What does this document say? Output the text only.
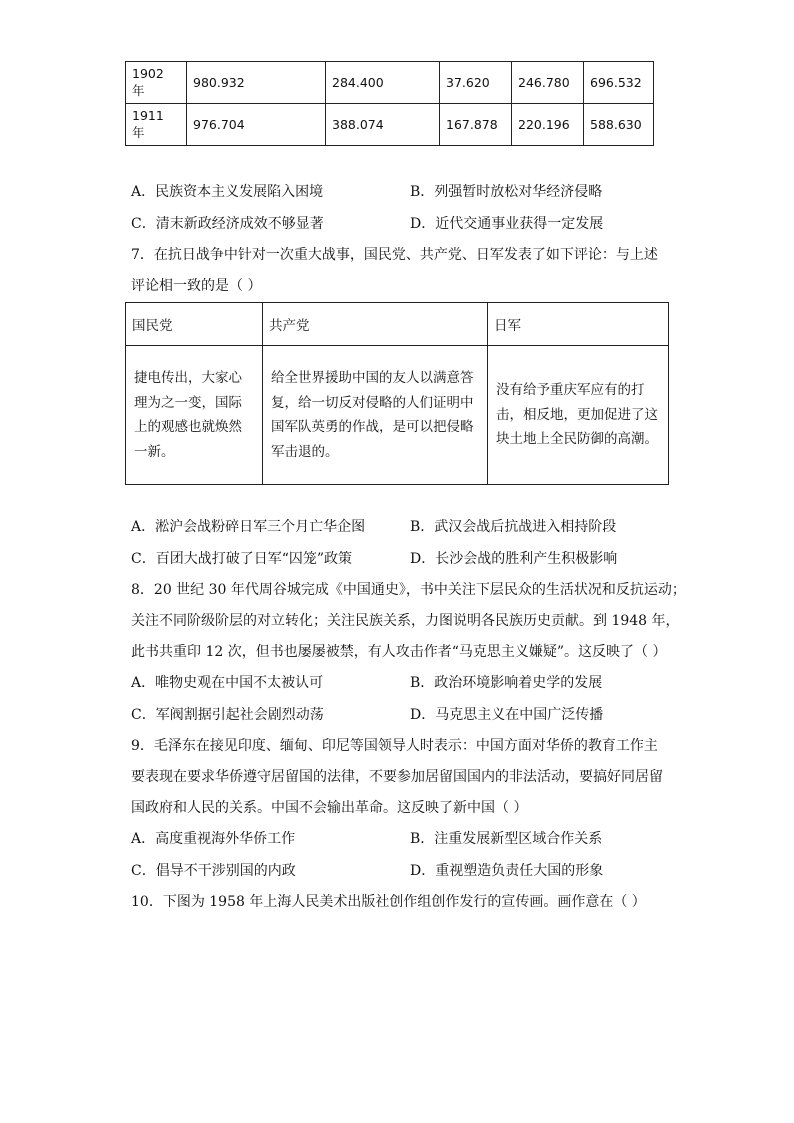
1902 年	980.932	284.400	37.620	246.780	696.532
1911 年	976.704	388.074	167.878	220.196	588.630
A．民族资本主义发展陷入困境	B．列强暂时放松对华经济侵略
C．清末新政经济成效不够显著	D．近代交通事业获得一定发展
7．在抗日战争中针对一次重大战事，国民党、共产党、日军发表了如下评论：与上述
评论相一致的是（ ）
国民党	共产党	日军
捷电传出，大家心理为之一变，国际上的观感也就焕然一新。	给全世界援助中国的友人以满意答复，给一切反对侵略的人们证明中国军队英勇的作战，是可以把侵略军击退的。	没有给予重庆军应有的打击，相反地，更加促进了这块土地上全民防御的高潮。
A．淞沪会战粉碎日军三个月亡华企图	B．武汉会战后抗战进入相持阶段
C．百团大战打破了日军“囚笼”政策	D．长沙会战的胜利产生积极影响
8．20 世纪 30 年代周谷城完成《中国通史》，书中关注下层民众的生活状况和反抗运动；
关注不同阶级阶层的对立转化；关注民族关系，力图说明各民族历史贡献。到 1948 年，
此书共重印 12 次，但书也屡屡被禁，有人攻击作者“马克思主义嫌疑”。这反映了（ ）
A．唯物史观在中国不太被认可	B．政治环境影响着史学的发展
C．军阀割据引起社会剧烈动荡	D．马克思主义在中国广泛传播
9．毛泽东在接见印度、缅甸、印尼等国领导人时表示：中国方面对华侨的教育工作主
要表现在要求华侨遵守居留国的法律，不要参加居留国国内的非法活动，要搞好同居留
国政府和人民的关系。中国不会输出革命。这反映了新中国（ ）
A．高度重视海外华侨工作	B．注重发展新型区域合作关系
C．倡导不干涉别国的内政	D．重视塑造负责任大国的形象
10．下图为 1958 年上海人民美术出版社创作组创作发行的宣传画。画作意在（ ）
